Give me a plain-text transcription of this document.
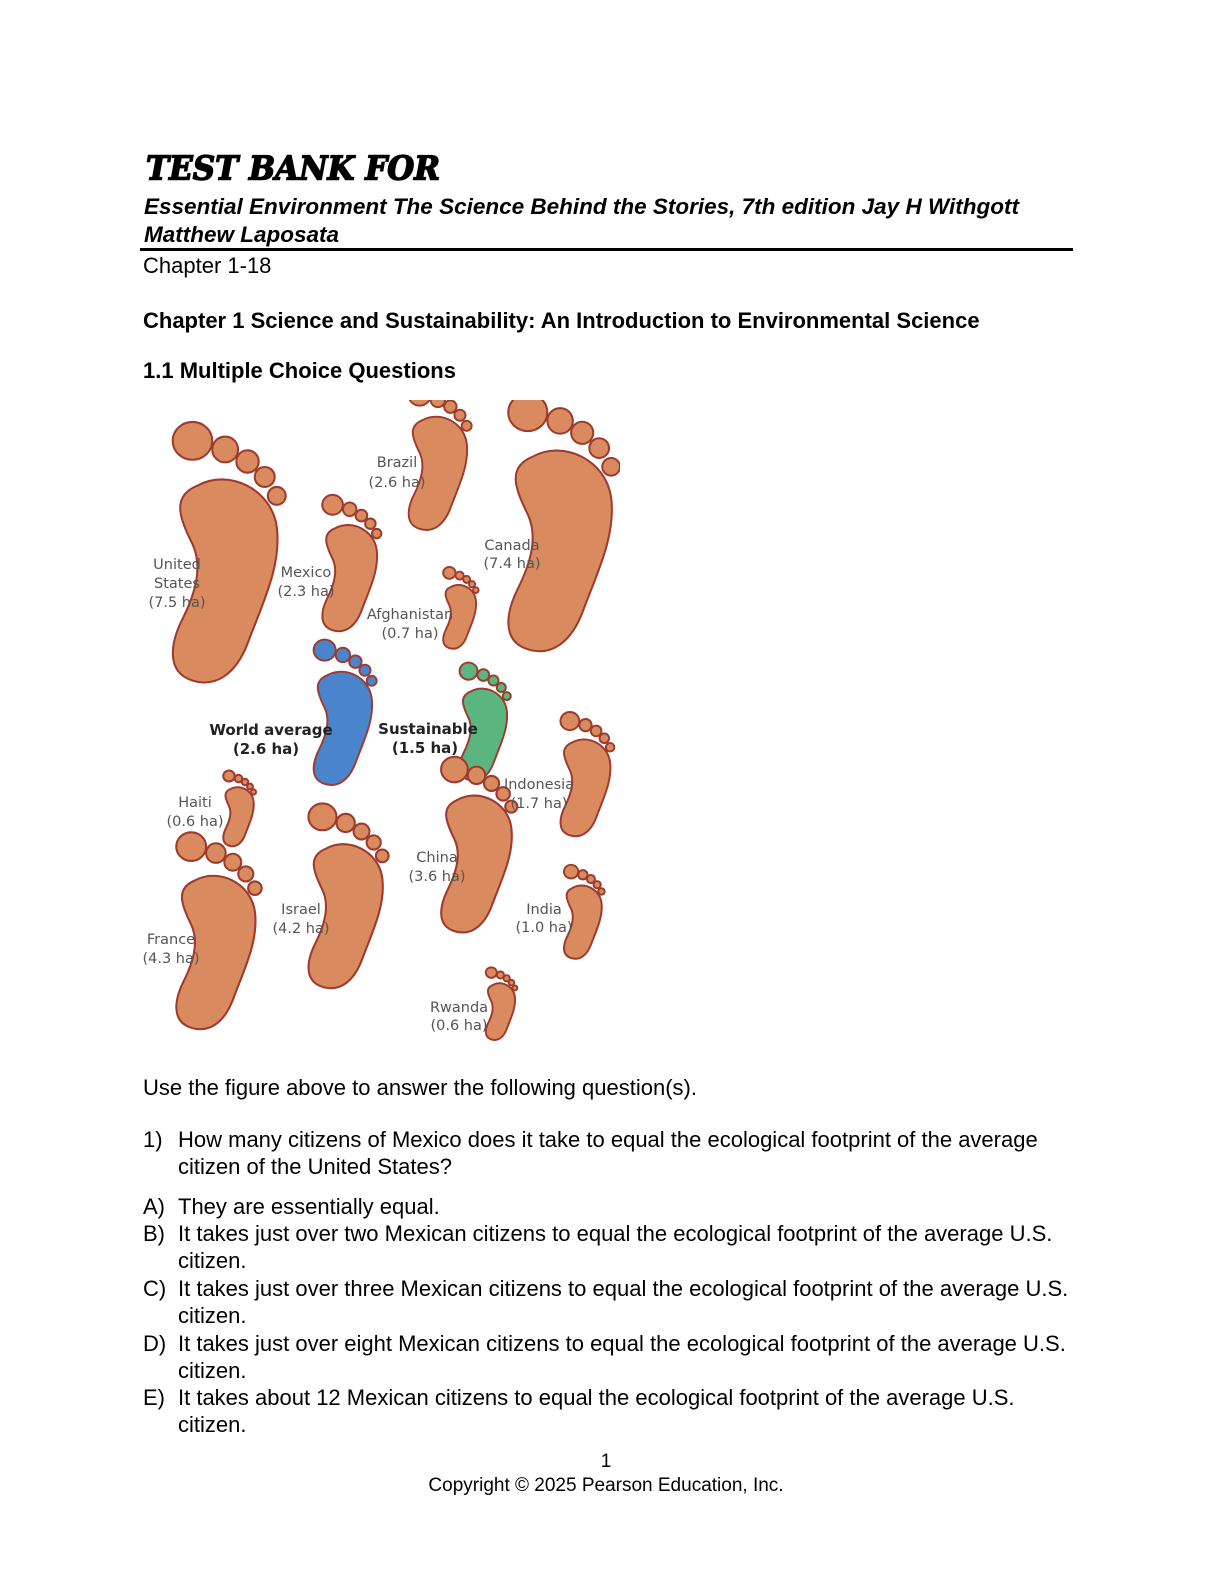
TEST BANK FOR
Essential Environment The Science Behind the Stories, 7th edition Jay H Withgott Matthew Laposata
Chapter 1-18
Chapter 1 Science and Sustainability: An Introduction to Environmental Science
1.1 Multiple Choice Questions
Brazil
(2.6 ha)
Canada
(7.4 ha)
United
States
(7.5 ha)
Mexico
(2.3 ha)
Afghanistan
(0.7 ha)
World average
(2.6 ha)
Sustainable
(1.5 ha)
Indonesia
(1.7 ha)
Haiti
(0.6 ha)
China
(3.6 ha)
Israel
(4.2 ha)
India
(1.0 ha)
France
(4.3 ha)
Rwanda
(0.6 ha)
Use the figure above to answer the following question(s).
1) How many citizens of Mexico does it take to equal the ecological footprint of the average citizen of the United States?
A) They are essentially equal.
B) It takes just over two Mexican citizens to equal the ecological footprint of the average U.S. citizen.
C) It takes just over three Mexican citizens to equal the ecological footprint of the average U.S. citizen.
D) It takes just over eight Mexican citizens to equal the ecological footprint of the average U.S. citizen.
E) It takes about 12 Mexican citizens to equal the ecological footprint of the average U.S. citizen.
1
Copyright © 2025 Pearson Education, Inc.
